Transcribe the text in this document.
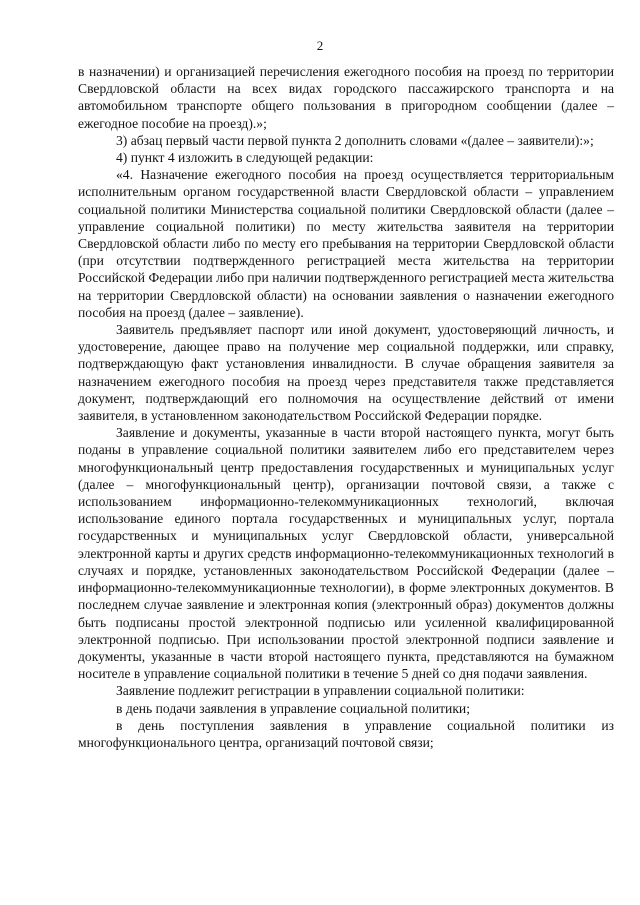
2

в назначении) и организацией перечисления ежегодного пособия на проезд по территории Свердловской области на всех видах городского пассажирского транспорта и на автомобильном транспорте общего пользования в пригородном сообщении (далее – ежегодное пособие на проезд).»;

3) абзац первый части первой пункта 2 дополнить словами «(далее – заявители):»;

4) пункт 4 изложить в следующей редакции:

«4. Назначение ежегодного пособия на проезд осуществляется территориальным исполнительным органом государственной власти Свердловской области – управлением социальной политики Министерства социальной политики Свердловской области (далее – управление социальной политики) по месту жительства заявителя на территории Свердловской области либо по месту его пребывания на территории Свердловской области (при отсутствии подтвержденного регистрацией места жительства на территории Российской Федерации либо при наличии подтвержденного регистрацией места жительства на территории Свердловской области) на основании заявления о назначении ежегодного пособия на проезд (далее – заявление).

Заявитель предъявляет паспорт или иной документ, удостоверяющий личность, и удостоверение, дающее право на получение мер социальной поддержки, или справку, подтверждающую факт установления инвалидности. В случае обращения заявителя за назначением ежегодного пособия на проезд через представителя также представляется документ, подтверждающий его полномочия на осуществление действий от имени заявителя, в установленном законодательством Российской Федерации порядке.

Заявление и документы, указанные в части второй настоящего пункта, могут быть поданы в управление социальной политики заявителем либо его представителем через многофункциональный центр предоставления государственных и муниципальных услуг (далее – многофункциональный центр), организации почтовой связи, а также с использованием информационно-телекоммуникационных технологий, включая использование единого портала государственных и муниципальных услуг, портала государственных и муниципальных услуг Свердловской области, универсальной электронной карты и других средств информационно-телекоммуникационных технологий в случаях и порядке, установленных законодательством Российской Федерации (далее – информационно-телекоммуникационные технологии), в форме электронных документов. В последнем случае заявление и электронная копия (электронный образ) документов должны быть подписаны простой электронной подписью или усиленной квалифицированной электронной подписью. При использовании простой электронной подписи заявление и документы, указанные в части второй настоящего пункта, представляются на бумажном носителе в управление социальной политики в течение 5 дней со дня подачи заявления.

Заявление подлежит регистрации в управлении социальной политики:

в день подачи заявления в управление социальной политики;

в день поступления заявления в управление социальной политики из многофункционального центра, организаций почтовой связи;
